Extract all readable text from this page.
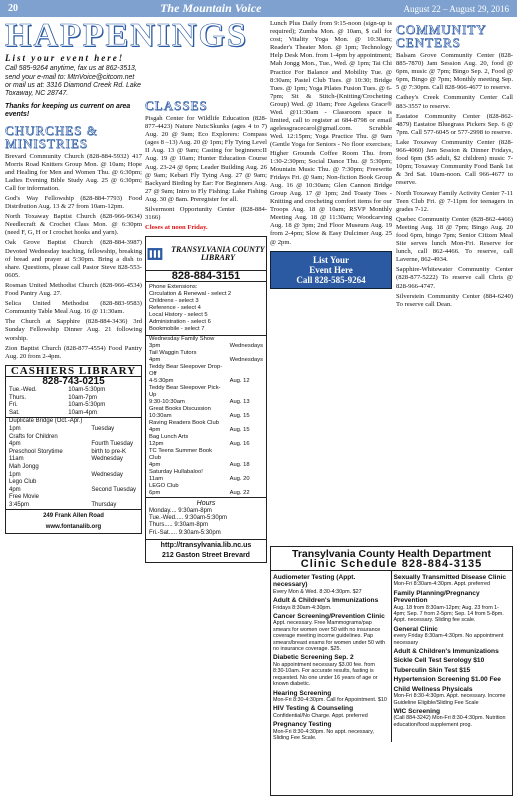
20	The Mountain Voice	August 22 – August 29, 2016
HAPPENINGS
List your event here!
Call 585-9264 anytime, fax us at 862-3513, send your e-mail to: MtnVoice@citcom.net or mail us at: 3316 Diamond Creek Rd. Lake Toxaway, NC 28747.
Thanks for keeping us current on area events!
CHURCHES & MINISTRIES
Brevard Community Church (828-884-5932) 417 Morris Road Knitters Group Mon. @ 10am; Hope and Healing for Men and Women Thu. @ 6:30pm; Ladies Evening Bible Study Aug. 25 @ 6:30pm; Call for information.
God's Way Fellowship (828-884-7793) Food Distribution Aug. 13 & 27 from 10am-12pm.
North Toxaway Baptist Church (828-966-9634) Needlecraft & Crochet Class Mon. @ 6:30pm (need F, G, H or I crochet hooks and yarn).
Oak Grove Baptist Church (828-884-3987) Devoted Wednesday teaching, fellowship, breaking of bread and prayer at 5:30pm. Bring a dish to share. Questions, please call Pastor Steve 828-553-0605.
Rosman United Methodist Church (828-966-4534) Food Pantry Aug. 27.
Selica United Methodist (828-883-9583) Community Table Meal Aug. 16 @ 11:30am.
The Church at Sapphire (828-884-3436) 3rd Sunday Fellowship Dinner Aug. 21 following worship.
Zion Baptist Church (828-877-4554) Food Pantry Aug. 20 from 2-4pm.
CASHIERS LIBRARY
828-743-0215
Tue.-Wed.	10am-5:30pm
Thurs.	10am-7pm
Fri.	10am-5:30pm
Sat.	10am-4pm
Duplicate Bridge (Oct.-Apr.)	
1pm	Tuesday
Crafts for Children	
4pm	Fourth Tuesday
Preschool Storytime	birth to pre-K
11am	Wednesday
Mah Jongg	
1pm	Wednesday
Lego Club	
4pm	Second Tuesday
Free Movie	
3:45pm	Thursday
249 Frank Allen Road
www.fontanalib.org
CLASSES
Pisgah Center for Wildlife Education (828-877-4423) Nature Nuts:Skunks (ages 4 to 7) Aug. 20 @ 9am; Eco Explorers: Compass (ages 8 –13) Aug. 20 @ 1pm; Fly Tying Level II Aug. 13 @ 9am; Casting for beginners:II Aug. 19 @ 10am; Hunter Education Course Aug. 23-24 @ 6pm; Leader Building Aug. 26 @ 9am; Kebari Fly Tying Aug. 27 @ 9am; Backyard Birding by Ear: For Beginners Aug. 27 @ 9am; Intro to Fly Fishing: Lake Fishing Aug. 30 @ 8am. Preregister for all.
Silvermont Opportunity Center (828-884-3166)
Closes at noon Friday.
TRANSYLVANIA COUNTY LIBRARY
828-884-3151
Phone Extensions:
Circulation & Renewal - select 2
Childrens - select 3
Reference - select 4
Local History - select 5
Administration - select 6
Bookmobile - select 7
Wednesday Family Show	
3pm	Wednesdays
Tail Waggin Tutors	
4pm	Wednesdays
Teddy Bear Sleepover Drop-Off	
4-5:30pm	Aug. 12
Teddy Bear Sleepover Pick-Up	
9:30-10:30am	Aug. 13
Great Books Discussion	
10:30am	Aug. 15
Raving Readers Book Club	
4pm	Aug. 15
Bag Lunch Arts	
12pm	Aug. 16
TC Teens Summer Book Club	
4pm	Aug. 18
Saturday Hullabaloo!	
11am	Aug. 20
LEGO Club	
6pm	Aug. 22
Hours
Monday.... 9:30am-8pm
Tue.-Wed..... 9:30am-5:30pm
Thurs..... 9:30am-8pm
Fri.-Sat..... 9:30am-5:30pm
http://transylvania.lib.nc.us
212 Gaston Street Brevard
Lunch Plus Daily from 9:15-noon (sign-up is required); Zumba Mon. @ 10am, $ call for cost; Vitality Yoga Mon. @ 10:30am; Reader's Theater Mon. @ 1pm; Technology Help Desk Mon. from 1-4pm by appointment; Mah Jongg Mon., Tue., Wed. @ 1pm; Tai Chi Practice For Balance and Mobility Tue. @ 8:30am; Pastel Club Tues. @ 10:30; Bridge Tues. @ 1pm; Yoga Pilates Fusion Tues. @ 6-7pm; Sit & Stitch-(Knitting/Crocheting Group) Wed. @ 10am; Free Ageless Grace® Wed. @11:30am - Classroom space is limited, call to register at 684-8798 or email agelessgracecarol@gmail.com. Scrabble Wed. 12:15pm; Yoga Practice Thu. @ 9am (Gentle Yoga for Seniors - No floor exercises; Higher Grounds Coffee Room Thu. from 1:30-2:30pm; Social Dance Thu. @ 5:30pm; Mountain Music Thu. @ 7:30pm; Freewrite Fridays Fri. @ 9am; Non-fiction Book Group Aug. 16 @ 10:30am; Glen Cannon Bridge Group Aug. 17 @ 1pm; 2nd Toasty Toes - Knitting and crocheting comfort items for our Troops Aug. 18 @ 10am; RSVP Monthly Meeting Aug. 18 @ 11:30am; Woodcarving Aug. 18 @ 3pm; 2nd Floor Museum Aug. 19 from 2-4pm; Slow & Easy Dulcimer Aug. 25 @ 2pm.
List Your
Event Here
Call 828-585-9264
COMMUNITY CENTERS
Balsam Grove Community Center (828-885-7870) Jam Session Aug. 20, food @ 6pm, music @ 7pm; Bingo Sep. 2, Food @ 6pm, Bingo @ 7pm; Monthly meeting Sep. 5 @ 7:30pm. Call 828-966-4677 to reserve.
Cathey's Creek Community Center Call 883-3557 to reserve.
Eastatoe Community Center (828-862-4879) Eastatoe Bluegrass Pickers Sep. 6 @ 7pm. Call 577-6045 or 577-2998 to reserve.
Lake Toxaway Community Center (828-966-4060) Jam Session & Dinner Fridays, food 6pm ($5 adult, $2 children) music 7-10pm; Toxaway Community Food Bank 1st & 3rd Sat. 10am-noon. Call 966-4677 to reserve.
North Toxaway Family Activity Center 7-11 Teen Club Fri. @ 7-11pm for teenagers in grades 7-12.
Quebec Community Center (828-862-4466) Meeting Aug. 18 @ 7pm; Bingo Aug. 20 food 6pm, bingo 7pm; Senior Citizen Meal Site serves lunch Mon-Fri. Reserve for lunch, call 862-4466. To reserve, call Laverne, 862-4934.
Sapphire-Whitewater Community Center (828-877-5222) To reserve call Chris @ 828-966-4747.
Silverstein Community Center (884-6240) To reserve call Dean.
Transylvania County Health Department
Clinic Schedule 828-884-3135
Audiometer Testing (Appt. necessary)
Every Mon & Wed. 8:30-4:30pm. $27
Adult & Children's Immunizations
Fridays 8:30am-4:30pm.
Cancer Screening/Prevention Clinic
Appt. necessary. Free Mammograms/pap smears for women over 50 with no insurance coverage meeting income guidelines. Pap smears/breast exams for women under 50 with no insurance coverage. $25.
Diabetic Screening Sep. 2
No appointment necessary $3.00 fee. from 8:30-10am. For accurate results, fasting is requested. No one under 16 years of age or known diabetic.
Hearing Screening
Mon-Fri 8:30-4:30pm. Call for Appointment. $10
HIV Testing & Counseling
Confidential/No Charge. Appt. preferred
Pregnancy Testing
Mon-Fri 8:30-4:30pm. No appt. necessary, Sliding Fee Scale.
Sexually Transmitted Disease Clinic
Mon-Fri 8:30am-4:30pm. Appt. preferred
Family Planning/Pregnancy Prevention
Aug. 18 from 8:30am-12pm; Aug. 23 from 1-4pm; Sep. 7 from 2-5pm; Sep. 14 from 5-8pm. Appt. necessary. Sliding fee scale.
General Clinic
every Friday 8:30am-4:30pm. No appointment necessary
Adult & Children's Immunizations
Sickle Cell Test Serology $10
Tuberculin Skin Test $15
Hypertension Screening $1.00 Fee
Child Wellness Physicals
Mon-Fri 8:30-4:30pm. Appt. necessary. Income Guideline Eligible/Sliding Fee Scale
WIC Screening
(Call 884-3242) Mon-Fri 8:30-4:30pm. Nutrition education/food supplement prog.
